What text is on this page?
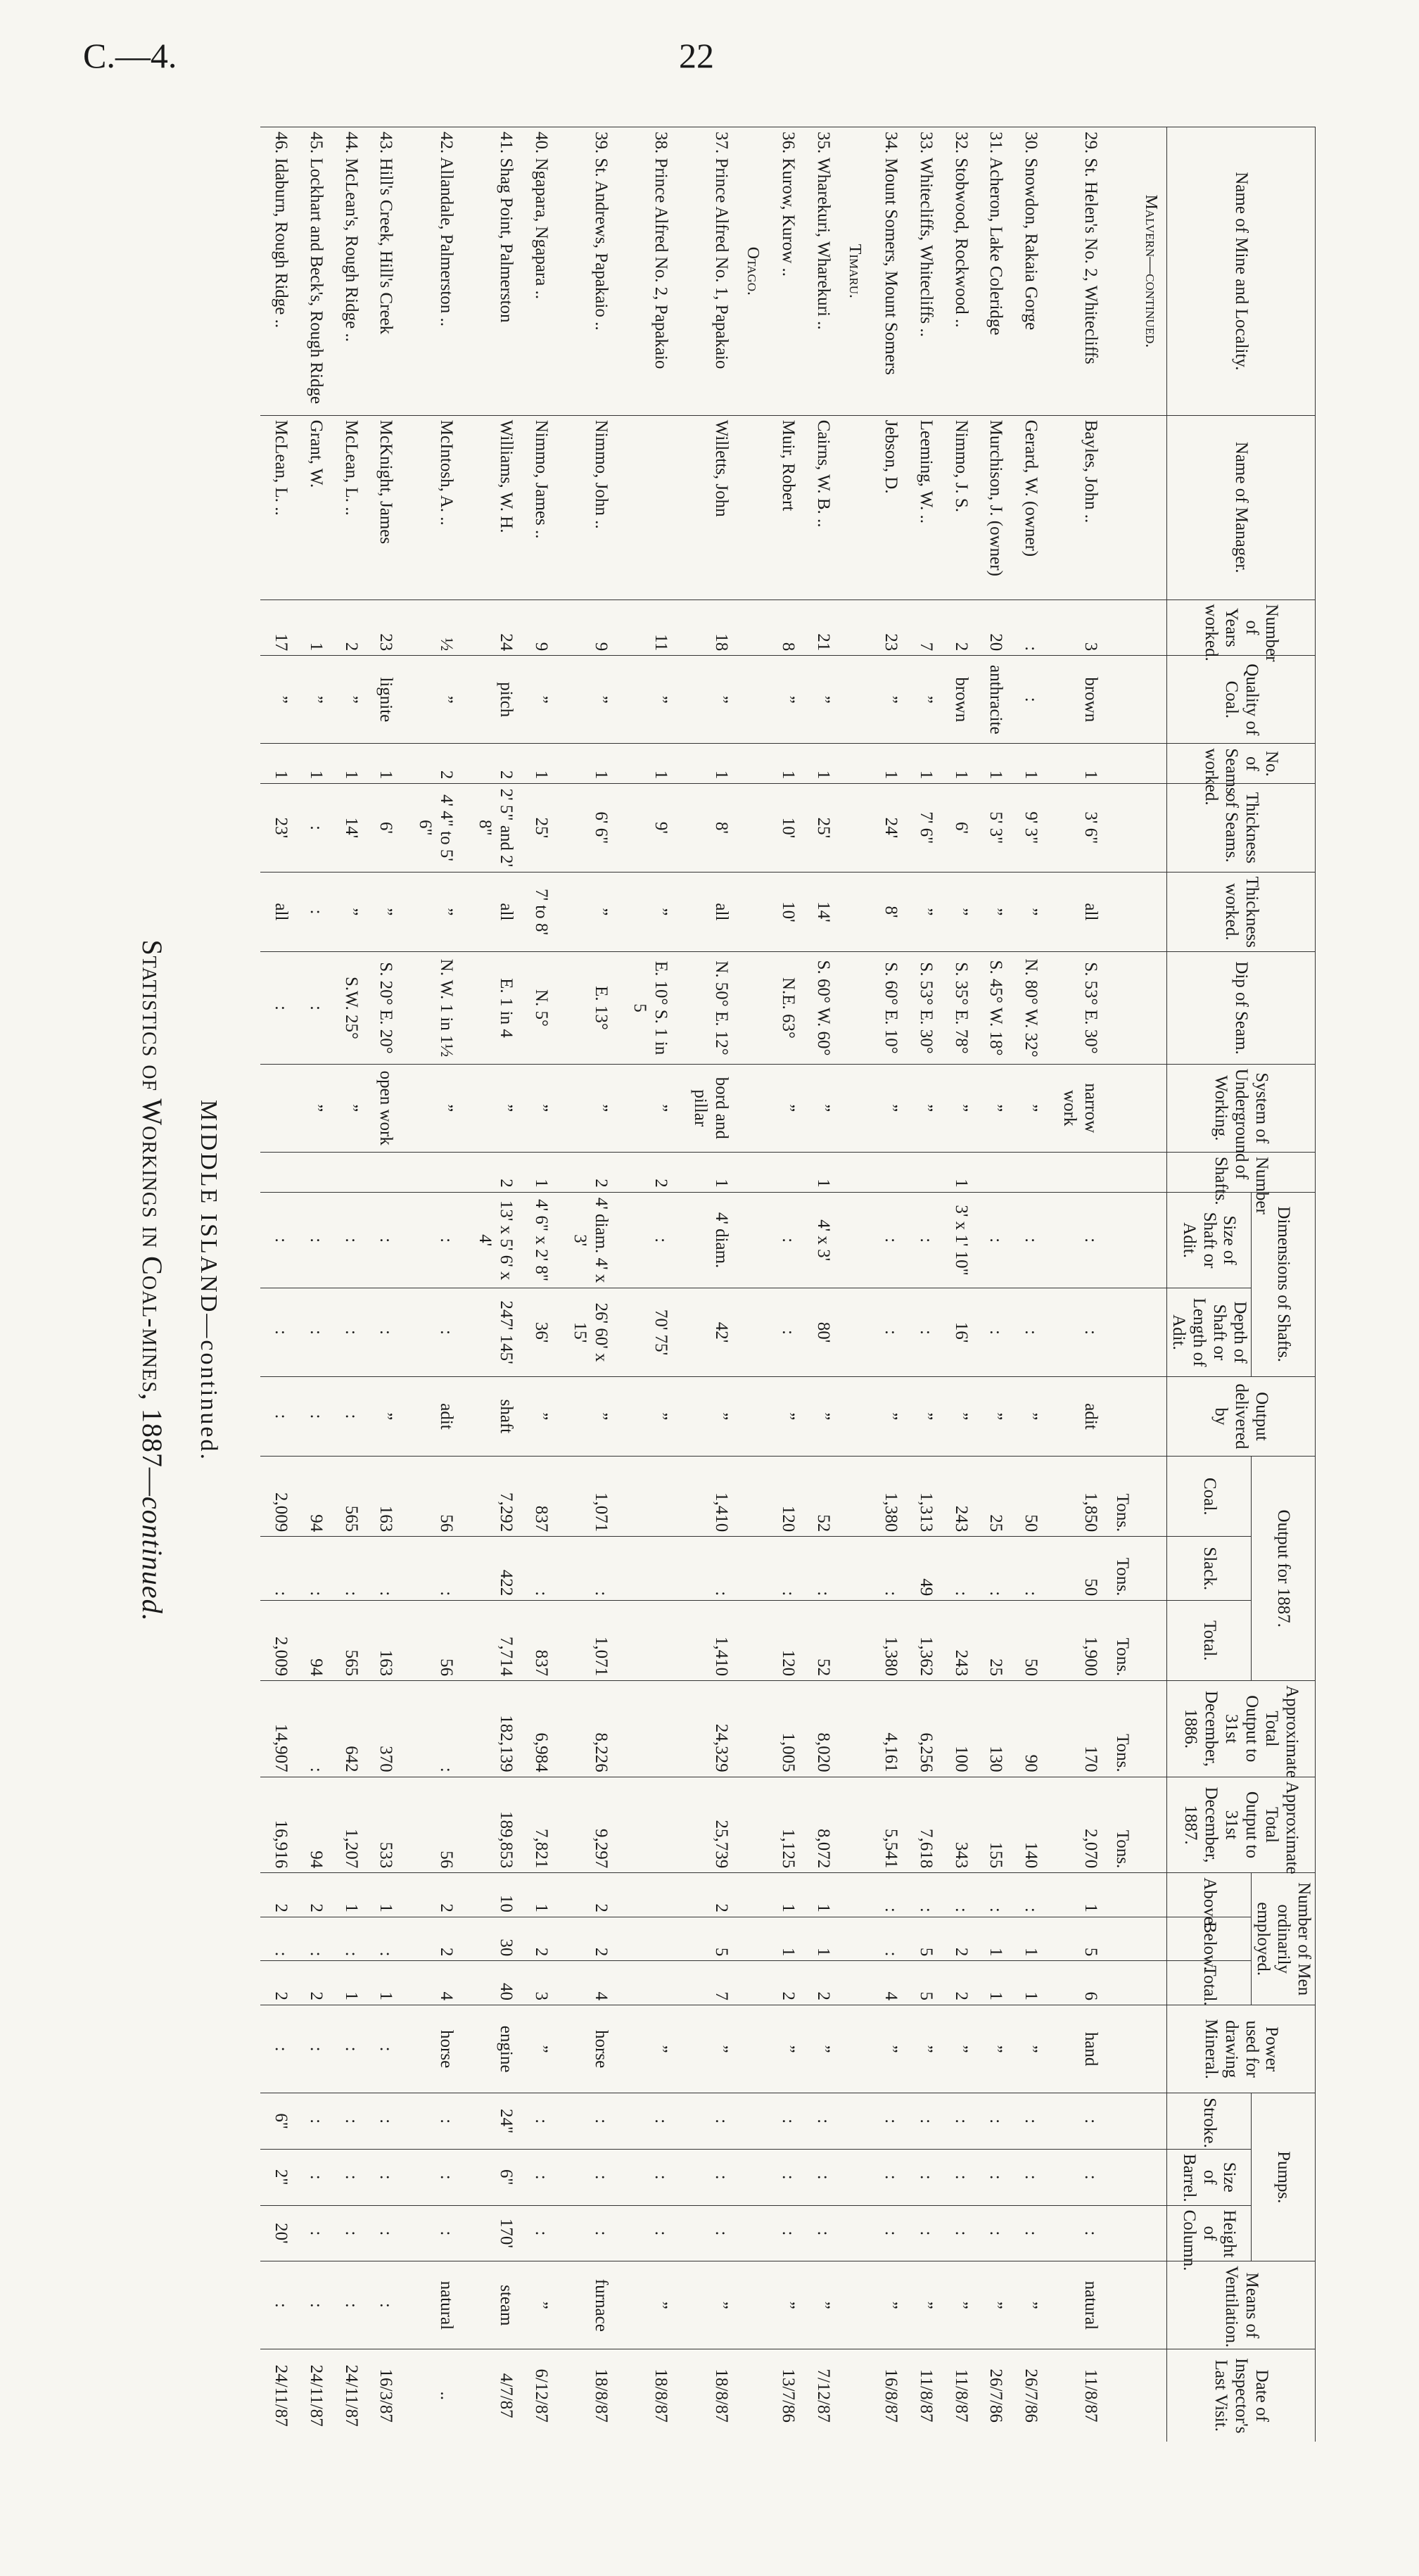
C.—4.	22
Statistics of Workings in Coal-mines, 1887—continued.
MIDDLE ISLAND—continued.
Name of Mine and Locality.	Name of Manager.	Number of Years worked.	Quality of Coal.	No. of Seams worked.	Thickness of Seams.	Thickness worked.	Dip of Seam.	System of Underground Working.	Number of Shafts.	Dimensions of Shafts.		Output delivered by	Output for 1887.			Approximate Total Output to 31st December, 1886.	Approximate Total Output to 31st December, 1887.	Number of Men ordinarily employed.			Power used for drawing Mineral.	Pumps.			Means of Ventilation.	Date of Inspector's Last Visit.
										Size of Shaft or Adit.	Depth of Shaft or Length of Adit.		Coal.	Slack.	Total.			Above.	Below.	Total.		Stroke.	Size of Barrel.	Height of Column.		
Malvern—continued.																										
													Tons.	Tons.	Tons.	Tons.	Tons.									
29. St. Helen's No. 2, Whitecliffs	Bayles, John ..	3	brown	1	3' 6"	all	S. 53° E. 30°	narrow work		:	:	adit	1,850	50	1,900	170	2,070	1	5	6	hand	:	:	:	natural	11/8/87
30. Snowdon, Rakaia Gorge	Gerard, W. (owner)	:	:	1	9' 3"	”	N. 80° W. 32°	”		:	:	”	50	:	50	90	140	:	1	1	”	:	:	:	”	26/7/86
31. Acheron, Lake Coleridge	Murchison, J. (owner)	20	anthracite	1	5' 3"	”	S. 45° W. 18°	”		:	:	”	25	:	25	130	155	:	1	1	”	:	:	:	”	26/7/86
32. Stobwood, Rockwood ..	Nimmo, J. S.	2	brown	1	6'	”	S. 35° E. 78°	”	1	3' x 1' 10"	16'	”	243	:	243	100	343	:	2	2	”	:	:	:	”	11/8/87
33. Whitecliffs, Whitecliffs ..	Leeming, W. ..	7	”	1	7' 6"	”	S. 53° E. 30°	”		:	:	”	1,313	49	1,362	6,256	7,618	:	5	5	”	:	:	:	”	11/8/87
34. Mount Somers, Mount Somers	Jebson, D.	23	”	1	24'	8'	S. 60° E. 10°	”		:	:	”	1,380	:	1,380	4,161	5,541	:	:	4	”	:	:	:	”	16/8/87
Timaru.																										
35. Wharekuri, Wharekuri ..	Cairns, W. B. ..	21	”	1	25'	14'	S. 60° W. 60°	”	1	4' x 3'	80'	”	52	:	52	8,020	8,072	1	1	2	”	:	:	:	”	7/12/87
36. Kurow, Kurow ..	Muir, Robert	8	”	1	10'	10'	N.E. 63°	”		:	:	”	120	:	120	1,005	1,125	1	1	2	”	:	:	:	”	13/7/86
Otago.																										
37. Prince Alfred No. 1, Papakaio	Willetts, John	18	”	1	8'	all	N. 50° E. 12°	bord and pillar	1	4' diam.	42'	”	1,410	:	1,410	24,329	25,739	2	5	7	”	:	:	:	”	18/8/87
38. Prince Alfred No. 2, Papakaio		11	”	1	9'	”	E. 10° S. 1 in 5	”	2	:	70' 75'	”									”	:	:	:	”	18/8/87
39. St. Andrews, Papakaio ..	Nimmo, John ..	9	”	1	6' 6"	”	E. 13°	”	2	4' diam. 4' x 3'	26' 60' x 15'	”	1,071	:	1,071	8,226	9,297	2	2	4	horse	:	:	:	furnace	18/8/87
40. Ngapara, Ngapara ..	Nimmo, James ..	9	”	1	25'	7' to 8'	N. 5°	”	1	4' 6" x 2' 8"	36'	”	837	:	837	6,984	7,821	1	2	3	”	:	:	:	”	6/12/87
41. Shag Point, Palmerston	Williams, W. H.	24	pitch	2	2' 5" and 2' 8"	all	E. 1 in 4	”	2	13' x 5' 6' x 4'	247' 145'	shaft	7,292	422	7,714	182,139	189,853	10	30	40	engine	24"	6"	170'	steam	4/7/87
42. Allandale, Palmerston ..	McIntosh, A. ..	½	”	2	4' 4" to 5' 6"	”	N. W. 1 in 1½	”		:	:	adit	56	:	56	:	56	2	2	4	horse	:	:	:	natural	..
43. Hill's Creek, Hill's Creek	McKnight, James	23	lignite	1	6'	”	S. 20° E. 20°	open work		:	:	”	163	:	163	370	533	1	:	1	:	:	:	:	:	16/3/87
44. McLean's, Rough Ridge ..	McLean, L. ..	2	”	1	14'	”	S.W. 25°	”		:	:	:	565	:	565	642	1,207	1	:	1	:	:	:	:	:	24/11/87
45. Lockhart and Beck's, Rough Ridge	Grant, W.	1	”	1	:	:	:	”		:	:	:	94	:	94	:	94	2	:	2	:	:	:	:	:	24/11/87
46. Idaburn, Rough Ridge ..	McLean, L. ..	17	”	1	23'	all	:			:	:	:	2,009	:	2,009	14,907	16,916	2	:	2	:	6"	2"	20'	:	24/11/87
